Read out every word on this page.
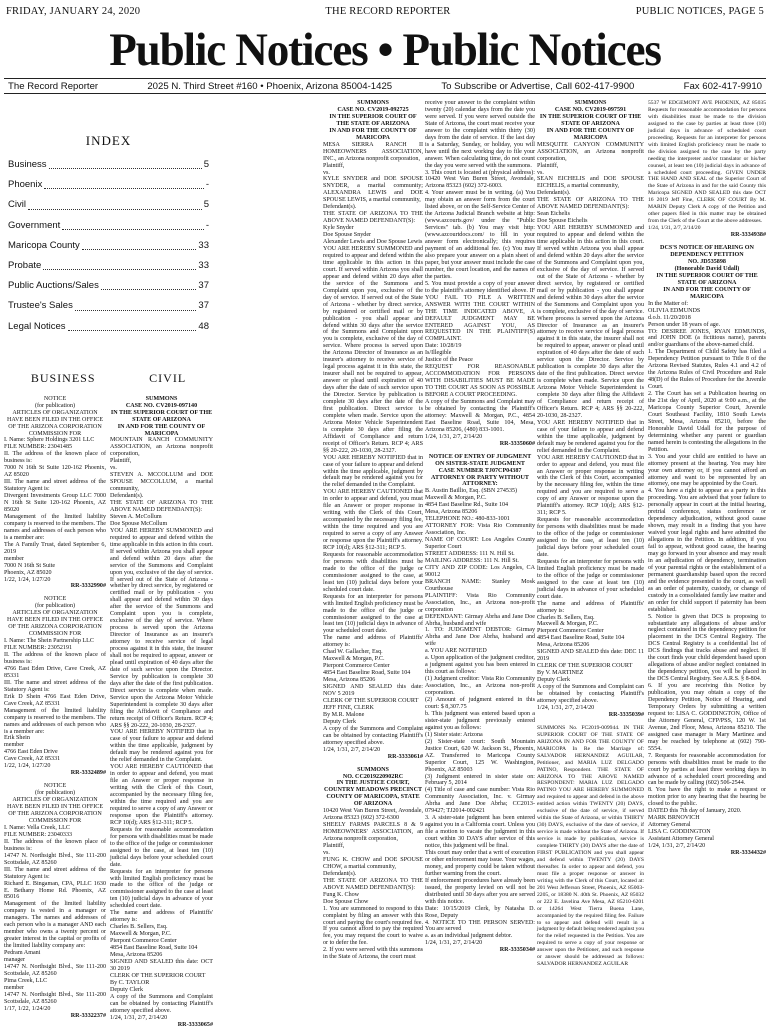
FRIDAY, JANUARY 24, 2020	THE RECORD REPORTER	PUBLIC NOTICES, PAGE 5
Public Notices • Public Notices
The Record Reporter	2025 N. Third Street #160 • Phoenix, Arizona 85004-1425	To Subscribe or Advertise, Call 602-417-9900	Fax 602-417-9910
INDEX
Business	5
Phoenix	-
Civil	5
Government	-
Maricopa County	33
Probate	33
Public Auctions/Sales	37
Trustee's Sales	37
Legal Notices	48
BUSINESS	CIVIL

NOTICE
(for publication)
ARTICLES OF ORGANIZATION
HAVE BEEN FILED IN THE OFFICE
OF THE ARIZONA CORPORATION
COMMISSION FOR

I. Name: Sphere Holdings 3201 LLC
FILE NUMBER: 23041485
II. The address of the known place of business is:
7000 N 16th St Suite 120-162 Phoenix, AZ 85020
III. The name and street address of the Statutory Agent is:
Divergent Investments Group LLC 7000 N 16th St Suite 120-162 Phoenix, AZ 85020
Management of the limited liability company is reserved to the members. The names and addresses of each person who is a member are:
The A Family Trust, dated September 6, 2019
member
7000 N 16th St Suite
Phoenix, AZ 85020
1/22, 1/24, 1/27/20

RR-3332990#

NOTICE
(for publication)
ARTICLES OF ORGANIZATION
HAVE BEEN FILED IN THE OFFICE
OF THE ARIZONA CORPORATION
COMMISSION FOR

I. Name: The Shein Partnership LLC
FILE NUMBER: 23052191
II. The address of the known place of business is:
4766 East Eden Drive, Cave Creek, AZ 85331
III. The name and street address of the Statutory Agent is:
Erik D Shein 4766 East Eden Drive, Cave Creek, AZ 85331
Management of the limited liability company is reserved to the members. The names and addresses of each person who is a member are:
Erik Shein
member
4766 East Eden Drive
Cave Creek, AZ 85331
1/22, 1/24, 1/27/20

RR-3332489#

NOTICE
(for publication)
ARTICLES OF ORGANIZATION
HAVE BEEN FILED IN THE OFFICE
OF THE ARIZONA CORPORATION
COMMISSION FOR

I. Name: Vella Creek, LLC
FILE NUMBER: 23040333
II. The address of the known place of business is:
14747 N. Northsight Blvd., Ste 111-200 Scottsdale, AZ 85260
III. The name and street address of the Statutory Agent is:
Richard E. Bingaman, CPA, PLLC 1630 E. Bethany Home Rd. Phoenix, AZ 85016
Management of the limited liability company is vested in a manager or managers. The names and addresses of each person who is a manager AND each member who owns a twenty percent or greater interest in the capital or profits of the limited liability company are:
Pedram Amani
manager
14747 N. Northsight Blvd., Ste 111-200 Scottsdale, AZ 85260
Pima Creek, LLC
member
14747 N. Northsight Blvd., Ste 111-200 Scottsdale, AZ 85260
1/17, 1/22, 1/24/20

RR-3332237#

SUMMONS
CASE NO. CV2019-097140
IN THE SUPERIOR COURT OF THE STATE OF ARIZONA
IN AND FOR THE COUNTY OF MARICOPA

MOUNTAIN RANCH COMMUNITY ASSOCIATION, an Arizona nonprofit corporation,
Plaintiff,
vs.
STEVEN A. MCCOLLUM and DOE SPOUSE MCCOLLUM, a marital community,
Defendant(s).
THE STATE OF ARIZONA TO THE ABOVE NAMED DEFENDANT(S):
Steven A. McCollum
Doe Spouse McCollum
YOU ARE HEREBY SUMMONED and required to appear and defend within the time applicable in this action in this court. If served within Arizona you shall appear and defend within 20 days after the service of the Summons and Complaint upon you, exclusive of the day of service. If served out of the State of Arizona - whether by direct service, by registered or certified mail or by publication - you shall appear and defend within 30 days after the service of the Summons and Complaint upon you is complete, exclusive of the day of service. Where process is served upon the Arizona Director of Insurance as an insurer's attorney to receive service of legal process against it in this state, the insurer shall not be required to appear, answer or plead until expiration of 40 days after the date of such service upon the Director. Service by publication is complete 30 days after the date of the first publication. Direct service is complete when made. Service upon the Arizona Motor Vehicle Superintendent is complete 30 days after filing the Affidavit of Compliance and return receipt of Officer's Return. RCP 4; ARS §§ 20-222, 20-1030, 28-2327.
YOU ARE HEREBY NOTIFIED that in case of your failure to appear and defend within the time applicable, judgment by default may be rendered against you for the relief demanded in the Complaint.
YOU ARE HEREBY CAUTIONED that in order to appear and defend, you must file an Answer or proper response in writing with the Clerk of this Court, accompanied by the necessary filing fee, within the time required and you are required to serve a copy of any Answer or response upon the Plaintiff's attorney. RCP 10(d); ARS §12-311; RCP 5.
Requests for reasonable accommodation for persons with disabilities must be made to the office of the judge or commissioner assigned to the case, at least ten (10) judicial days before your scheduled court date.
Requests for an interpreter for persons with limited English proficiency must be made to the office of the judge or commissioner assigned to the case at least ten (10) judicial days in advance of your scheduled court date.
The name and address of Plaintiffs' attorney is:
Charles B. Sellers, Esq.
Maxwell & Morgan, P.C.
Pierpont Commerce Center
4854 East Baseline Road, Suite 104
Mesa, Arizona 85206
SIGNED AND SEALED this date: OCT 30 2019
CLERK OF THE SUPERIOR COURT
By C. TAYLOR
Deputy Clerk
A copy of the Summons and Complaint can be obtained by contacting Plaintiff's attorney specified above.
1/24, 1/31, 2/7, 2/14/20

RR-3333065#

SUMMONS
CASE NO. CV2019-092725
IN THE SUPERIOR COURT OF THE STATE OF ARIZONA
IN AND FOR THE COUNTY OF MARICOPA

MESA SIERRA RANCH II HOMEOWNERS ASSOCIATION, INC., an Arizona nonprofit corporation,
Plaintiff,
vs.
KYLE SNYDER and DOE SPOUSE SNYDER, a marital community; ALEXANDRA LEWIS and DOE SPOUSE LEWIS, a marital community,
Defendant(s).
THE STATE OF ARIZONA TO THE ABOVE NAMED DEFENDANT(S):
Kyle Snyder
Doe Spouse Snyder
Alexander Lewis and Doe Spouse Lewis
YOU ARE HEREBY SUMMONED and required to appear and defend within the time applicable in this action in this court. If served within Arizona you shall appear and defend within 20 days after the service of the Summons and Complaint upon you, exclusive of the day of service. If served out of the State of Arizona - whether by direct service, by registered or certified mail or by publication - you shall appear and defend within 30 days after the service of the Summons and Complaint upon you is complete, exclusive of the day of service. Where process is served upon the Arizona Director of Insurance as an insurer's attorney to receive service of legal process against it in this state, the insurer shall not be required to appear, answer or plead until expiration of 40 days after the date of such service upon the Director. Service by publication is complete 30 days after the date of the first publication. Direct service is complete when made. Service upon the Arizona Motor Vehicle Superintendent is complete 30 days after filing the Affidavit of Compliance and return receipt of Officer's Return. RCP 4; ARS §§ 20-222, 20-1030, 28-2327.
YOU ARE HEREBY NOTIFIED that in case of your failure to appear and defend within the time applicable, judgment by default may be rendered against you for the relief demanded in the Complaint.
YOU ARE HEREBY CAUTIONED that in order to appear and defend, you must file an Answer or proper response in writing with the Clerk of this Court, accompanied by the necessary filing fee, within the time required and you are required to serve a copy of any Answer or response upon the Plaintiff's attorney. RCP 10(d); ARS §12-311; RCP 5.
Requests for reasonable accommodation for persons with disabilities must be made to the office of the judge or commissioner assigned to the case, at least ten (10) judicial days before your scheduled court date.
Requests for an interpreter for persons with limited English proficiency must be made to the office of the judge or commissioner assigned to the case at least ten (10) judicial days in advance of your scheduled court date.
The name and address of Plaintiffs' attorney is:
Chad W. Gallacher, Esq.
Maxwell & Morgan, P.C.
Pierpont Commerce Center
4854 East Baseline Road, Suite 104
Mesa, Arizona 85206
SIGNED AND SEALED this date: NOV 5 2019
CLERK OF THE SUPERIOR COURT
JEFF FINE, CLERK
By M.R. Malone
Deputy Clerk
A copy of the Summons and Complaint can be obtained by contacting Plaintiff's attorney specified above.
1/24, 1/31, 2/7, 2/14/20

RR-3333061#

SUMMONS
NO. CC2019220902RC
IN THE JUSTICE COURT, COUNTRY MEADOWS PRECINCT
COUNTY OF MARICOPA, STATE OF ARIZONA

10420 West Van Buren Street, Avondale, Arizona 85323 (602) 372-6300
SHEELY FARMS PARCELS 8 & 9 HOMEOWNERS' ASSOCIATION, an Arizona nonprofit corporation,
Plaintiff,
vs.
FUNG K. CHOW and DOE SPOUSE CHOW, a marital community,
Defendant(s).
THE STATE OF ARIZONA TO THE ABOVE NAMED DEFENDANT(S):
Fung K. Chow
Doe Spouse Chow
1. You are summoned to respond to this complaint by filing an answer with this court and paying the court's required fee. If you cannot afford to pay the required fee, you may request the court to waive or to defer the fee.
2. If you were served with this summons in the State of Arizona, the court must

receive your answer to the complaint within twenty (20) calendar days from the date you were served. If you were served outside the State of Arizona, the court must receive your answer to the complaint within thirty (30) days from the date of service. If the last day is a Saturday, Sunday, or holiday, you will have until the next working day to file your answer. When calculating time, do not count the day you were served with the summons.
3. This court is located at (physical address): 10420 West Van Buren Street, Avondale, Arizona 85323 (602) 372-6003.
4. Your answer must be in writing. (a) You may obtain an answer form from the court listed above, or on the Self-Service Center of the Arizona Judicial Branch website at http: (www.azcourts.gov/ under the "Public Services" tab. (b) You may visit http: (www.azcourtdocs.com/ to fill in your answer form electronically; this requires payment of an additional fee. (c) You may also prepare your answer on a plain sheet of paper, but your answer must include the case number, the court location, and the names of the parties.
5. You must provide a copy of your answer to the plaintiff's attorney identified above. IF YOU FAIL TO FILE A WRITTEN ANSWER WITH THE COURT WITHIN THE TIME INDICATED ABOVE, A DEFAULT JUDGMENT MAY BE ENTERED AGAINST YOU, AS REQUESTED IN THE PLAINTIFF(S) COMPLAINT.
Date: 10/28/19
Is/Illegible
Justice of the Peace
REQUEST FOR REASONABLE ACCOMMODATION FOR PERSONS WITH DISABILITIES MUST BE MADE TO THE COURT AS SOON AS POSSIBLE BEFORE A COURT PROCEEDING.
A copy of the Summons and Complaint may be obtained by contacting the Plaintiff's attorney: Maxwell & Morgan, P.C., 4854 East Baseline Road, Suite 104, Mesa, Arizona 85206, (480) 833-1001.
1/24, 1/31, 2/7, 2/14/20

RR-3335060#

NOTICE OF ENTRY OF JUDGMENT ON SISTER-STATE JUDGMENT
CASE NUMBER TJ07CP04387
ATTORNEY OR PARTY WITHOUT ATTORNEY:

B. Austin Baillio, Esq. (SBN 274535)
Maxwell & Morgan, P.C.
4854 East Baseline Rd., Suite 104
Mesa, Arizona 85206
TELEPHONE NO.: 480-833-1001
ATTORNEY FOR: Vista Rio Community Association, Inc.
NAME OF COURT: Los Angeles County Superior Court
STREET ADDRESS: 111 N. Hill St.
MAILING ADDRESS: 111 N. Hill St.
CITY AND ZIP CODE: Los Angeles, CA 90012
BRANCH NAME: Stanley Mosk Courthouse
PLAINTIFF: Vista Rio Community Association, Inc., an Arizona non-profit corporation
DEFENDANT: Girmay Abrha and Jane Doe Abrha, husband and wife
1. TO: JUDGMENT DEBTOR: Girmay Abrha and Jane Doe Abrha, husband and wife
a. YOU ARE NOTIFIED
a. Upon application of the judgment creditor, a judgment against you has been entered in this court as follows:
(1) Judgment creditor: Vista Rio Community Association, Inc., an Arizona non-profit corporation.
(2) Amount of judgment entered in this court: $ 8,307.75
b. This judgment was entered based upon a sister-state judgment previously entered against you as follows:
(1) Sister state: Arizona
(2) Sister-state court: South Mountain Justice Court, 620 W. Jackson St., Phoenix, AZ. Transferred to Maricopa County Superior Court, 125 W. Washington, Phoenix, AZ 85003
(3) Judgment entered in sister state on: February 5, 2014
(4) Title of case and case number: Vista Rio Community Association, Inc. v. Girmay Abrha and Jane Doe Abrha; CC2013-079427; TJ2014-002421
3. A sister-state judgment has been entered against you in a California court. Unless you file a motion to vacate the judgment in this court within 30 DAYS after service of this notice, this judgment will be final.
This court may order that a writ of execution or other enforcement may issue. Your wages, money, and property could be taken without further warning from the court.
If enforcement procedures have already been issued, the property levied on will not be distributed until 30 days after you are served with this notice.
Date: 10/15/2019 Clerk, by Natasha D. Rose, Deputy
4. NOTICE TO THE PERSON SERVED: You are served
a. as an individual judgment debtor.
1/24, 1/31, 2/7, 2/14/20

RR-3335034#

SUMMONS
CASE NO. CV2019-097591
IN THE SUPERIOR COURT OF THE STATE OF ARIZONA
IN AND FOR THE COUNTY OF MARICOPA

MESQUITE CANYON COMMUNITY ASSOCIATION, an Arizona nonprofit corporation,
Plaintiff,
vs.
SEAN EICHELIS and DOE SPOUSE EICHELIS, a marital community,
Defendant(s).
THE STATE OF ARIZONA TO THE ABOVE NAMED DEFENDANT(S):
Sean Eichelis
Doe Spouse Eichelis
YOU ARE HEREBY SUMMONED and required to appear and defend within the time applicable in this action in this court. If served within Arizona you shall appear and defend within 20 days after the service of the Summons and Complaint upon you, exclusive of the day of service. If served out of the State of Arizona - whether by direct service, by registered or certified mail or by publication - you shall appear and defend within 30 days after the service of the Summons and Complaint upon you is complete, exclusive of the day of service. Where process is served upon the Arizona Director of Insurance as an insurer's attorney to receive service of legal process against it in this state, the insurer shall not be required to appear, answer or plead until expiration of 40 days after the date of such service upon the Director. Service by publication is complete 30 days after the date of the first publication. Direct service is complete when made. Service upon the Arizona Motor Vehicle Superintendent is complete 30 days after filing the Affidavit of Compliance and return receipt of Officer's Return. RCP 4; ARS §§ 20-222, 20-1030, 28-2327.
YOU ARE HEREBY NOTIFIED that in case of your failure to appear and defend within the time applicable, judgment by default may be rendered against you for the relief demanded in the Complaint.
YOU ARE HEREBY CAUTIONED that in order to appear and defend, you must file an Answer or proper response in writing with the Clerk of this Court, accompanied by the necessary filing fee, within the time required and you are required to serve a copy of any Answer or response upon the Plaintiff's attorney. RCP 10(d); ARS §12-311; RCP 5.
Requests for reasonable accommodation for persons with disabilities must be made to the office of the judge or commissioner assigned to the case, at least ten (10) judicial days before your scheduled court date.
Requests for an interpreter for persons with limited English proficiency must be made to the office of the judge or commissioner assigned to the case at least ten (10) judicial days in advance of your scheduled court date.
The name and address of Plaintiffs' attorney is:
Charles B. Sellers, Esq.
Maxwell & Morgan, P.C.
Pierpont Commerce Center
4854 East Baseline Road, Suite 104
Mesa, Arizona 85206
SIGNED AND SEALED this date: DEC 11 2019
CLERK OF THE SUPERIOR COURT
By V. MARTINEZ
Deputy Clerk
A copy of the Summons and Complaint can be obtained by contacting Plaintiff's attorney specified above.
1/24, 1/31, 2/7, 2/14/20

RR-3335039#

SUMMONS No. FC2019-009944. IN THE SUPERIOR COURT OF THE STATE OF ARIZONA IN AND FOR THE COUNTY OF MARICOPA In Re the Marriage of: SALVADOR HERNANDEZ AGUILAR, Petitioner, and MARIA LUZ DELGADO PATINO, Respondent. THE STATE OF ARIZONA TO THE ABOVE NAMED RESPONDENT: MARIA LUZ DELGADO PATINO YOU ARE HEREBY SUMMONED and required to appear and defend in the above entitled action within TWENTY (20) DAYS, exclusive of the date of service, if served within the State of Arizona, or within THIRTY (30) DAYS, exclusive of the date of service, if service is made without the State of Arizona. If service is made by publication, service is complete THIRTY (30) DAYS after the date of FIRST PUBLICATION and you shall appear and defend within TWENTY (20) DAYS thereafter. In order to appear and defend, you must file a proper response or answer in writing with the Clerk of this Court, located at: 201 West Jefferson Street, Phoenix, AZ 85003-2205, or 18380 N. 40th St. Phoenix, AZ 85032 or 222 E. Javelina Ave Mesa, AZ 85210-6201 or 14264 West Tierra Buena Lane, accompanied by the required filing fee. Failure to so appear and defend will result in a judgment by default being rendered against you for the relief requested in the Petition. You are required to serve a copy of your response or answer upon the Petitioner, and such response or answer should be addressed as follows: SALVADOR HERNANDEZ AGUILAR

5537 W EDGEMONT AVE PHOENIX, AZ 85035 Requests for reasonable accommodation for persons with disabilities must be made to the division assigned to the case by parties at least three (10) judicial days in advance of scheduled court proceeding. Requests for an interpreter for persons with limited English proficiency must be made to the division assigned to the case by the party needing the interpreter and/or translator or his/her counsel, at least ten (10) judicial days in advance of a scheduled court proceeding. GIVEN UNDER THE HAND AND SEAL of the Superior Court of the State of Arizona in and for the said County this Maricopa SIGNED AND SEALED this date OCT 16 2019 Jeff Fine, CLERK OF COURT By M. MARIN Deputy Clerk A copy of the Petition and other papers filed in this matter may be obtained from the Clerk of the Court at the above addresses.
1/24, 1/31, 2/7, 2/14/20

RR-3334938#

DCS'S NOTICE OF HEARING ON DEPENDENCY PETITION
NO. JD535898
(Honorable David Udall)
IN THE SUPERIOR COURT OF THE STATE OF ARIZONA
IN AND FOR THE COUNTY OF MARICOPA

In the Matter of:
OLIVIA EDMUNDS
d.o.b. 11/20/2018
Person under 18 years of age.
TO: DESIREE JONES, RYAN EDMUNDS, and JOHN DOE (a fictitious name), parents and/or guardians of the above-named child.
1. The Department of Child Safety has filed a Dependency Petition pursuant to Title 8 of the Arizona Revised Statutes, Rules 4.1 and 4.2 of the Arizona Rules of Civil Procedure and Rule 48(D) of the Rules of Procedure for the Juvenile Court.
2. The Court has set a Publication hearing on the 21st day of April, 2020 at 9:00 a.m., at the Maricopa County Superior Court, Juvenile Court Southeast Facility, 1810 South Lewis Street, Mesa, Arizona 85210, before the Honorable David Udall for the purpose of determining whether any parent or guardian named herein is contesting the allegations in the Petition.
3. You and your child are entitled to have an attorney present at the hearing. You may hire your own attorney or, if you cannot afford an attorney and want to be represented by an attorney, one may be appointed by the Court.
4. You have a right to appear as a party in this proceeding. You are advised that your failure to personally appear in court at the initial hearing, pretrial conference, status conference or dependency adjudication, without good cause shown, may result in a finding that you have waived your legal rights and have admitted the allegations in the Petition. In addition, if you fail to appear, without good cause, the hearing may go forward in your absence and may result in an adjudication of dependency, termination of your parental rights or the establishment of a permanent guardianship based upon the record and the evidence presented to the court, as well as an order of paternity, custody, or change of custody in a consolidated family law matter and an order for child support if paternity has been established.
5. Notice is given that DCS is proposing to substantiate any allegations of abuse and/or neglect contained in the dependency petition for placement in the DCS Central Registry. The DCS Central Registry is a confidential list of DCS findings that tracks abuse and neglect. If the court finds your child dependent based upon allegations of abuse and/or neglect contained in the dependency petition, you will be placed in the DCS Central Registry. See A.R.S. § 8-804.
6. If you are receiving this Notice by publication, you may obtain a copy of the Dependency Petition, Notice of Hearing, and Temporary Orders by submitting a written request to: LISA C. GODDINGTON, Office of the Attorney General, CFP/PSS, 120 W. 1st Avenue, 2nd Floor, Mesa, Arizona 85210. The assigned case manager is Mary Martinez and may be reached by telephone at (602) 790-5554.
7. Requests for reasonable accommodation for persons with disabilities must be made to the court by parties at least three working days in advance of a scheduled court proceeding and can be made by calling (602) 506-2544.
8. You have the right to make a request or motion prior to any hearing that the hearing be closed to the public.
DATED this 7th day of January, 2020.
MARK BRNOVICH
Attorney General
LISA C. GODDINGTON
Assistant Attorney General
1/24, 1/31, 2/7, 2/14/20

RR-3334432#
